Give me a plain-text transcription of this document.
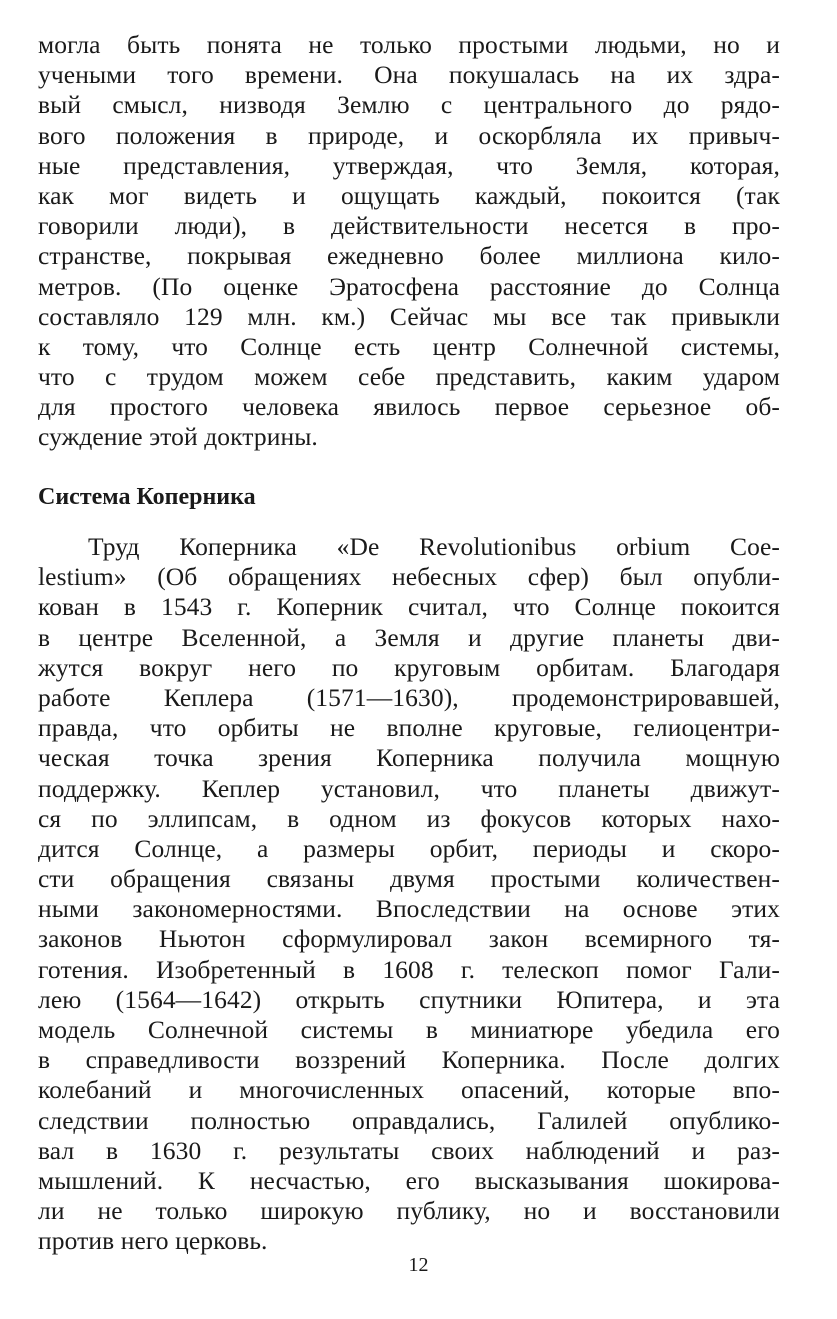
могла быть понята не только простыми людьми, но и
учеными того времени. Она покушалась на их здра-
вый смысл, низводя Землю с центрального до рядо-
вого положения в природе, и оскорбляла их привыч-
ные представления, утверждая, что Земля, которая,
как мог видеть и ощущать каждый, покоится (так
говорили люди), в действительности несется в про-
странстве, покрывая ежедневно более миллиона кило-
метров. (По оценке Эратосфена расстояние до Солнца
составляло 129 млн. км.) Сейчас мы все так привыкли
к тому, что Солнце есть центр Солнечной системы,
что с трудом можем себе представить, каким ударом
для простого человека явилось первое серьезное об-
суждение этой доктрины.
Система Коперника
Труд Коперника «De Revolutionibus orbium Coe-
lestium» (Об обращениях небесных сфер) был опубли-
кован в 1543 г. Коперник считал, что Солнце покоится
в центре Вселенной, а Земля и другие планеты дви-
жутся вокруг него по круговым орбитам. Благодаря
работе Кеплера (1571—1630), продемонстрировавшей,
правда, что орбиты не вполне круговые, гелиоцентри-
ческая точка зрения Коперника получила мощную
поддержку. Кеплер установил, что планеты движут-
ся по эллипсам, в одном из фокусов которых нахо-
дится Солнце, а размеры орбит, периоды и скоро-
сти обращения связаны двумя простыми количествен-
ными закономерностями. Впоследствии на основе этих
законов Ньютон сформулировал закон всемирного тя-
готения. Изобретенный в 1608 г. телескоп помог Гали-
лею (1564—1642) открыть спутники Юпитера, и эта
модель Солнечной системы в миниатюре убедила его
в справедливости воззрений Коперника. После долгих
колебаний и многочисленных опасений, которые впо-
следствии полностью оправдались, Галилей опублико-
вал в 1630 г. результаты своих наблюдений и раз-
мышлений. К несчастью, его высказывания шокирова-
ли не только широкую публику, но и восстановили
против него церковь.
12
